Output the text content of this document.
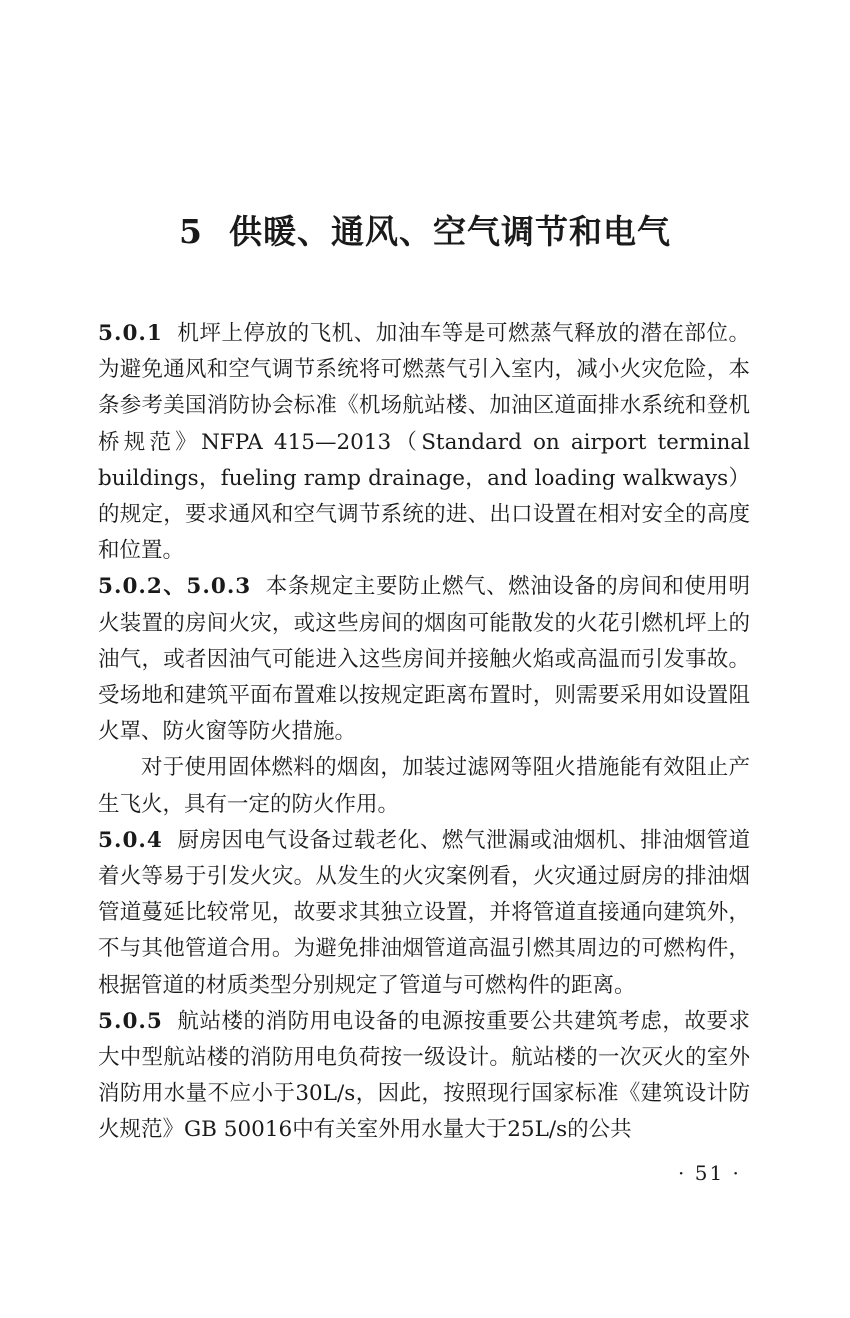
5 供暖、通风、空气调节和电气

5.0.1 机坪上停放的飞机、加油车等是可燃蒸气释放的潜在部位。为避免通风和空气调节系统将可燃蒸气引入室内，减小火灾危险，本条参考美国消防协会标准《机场航站楼、加油区道面排水系统和登机桥规范》NFPA 415—2013（Standard on airport terminal buildings，fueling ramp drainage，and loading walkways）的规定，要求通风和空气调节系统的进、出口设置在相对安全的高度和位置。

5.0.2、5.0.3 本条规定主要防止燃气、燃油设备的房间和使用明火装置的房间火灾，或这些房间的烟囱可能散发的火花引燃机坪上的油气，或者因油气可能进入这些房间并接触火焰或高温而引发事故。受场地和建筑平面布置难以按规定距离布置时，则需要采用如设置阻火罩、防火窗等防火措施。

对于使用固体燃料的烟囱，加装过滤网等阻火措施能有效阻止产生飞火，具有一定的防火作用。

5.0.4 厨房因电气设备过载老化、燃气泄漏或油烟机、排油烟管道着火等易于引发火灾。从发生的火灾案例看，火灾通过厨房的排油烟管道蔓延比较常见，故要求其独立设置，并将管道直接通向建筑外，不与其他管道合用。为避免排油烟管道高温引燃其周边的可燃构件，根据管道的材质类型分别规定了管道与可燃构件的距离。

5.0.5 航站楼的消防用电设备的电源按重要公共建筑考虑，故要求大中型航站楼的消防用电负荷按一级设计。航站楼的一次灭火的室外消防用水量不应小于30L/s，因此，按照现行国家标准《建筑设计防火规范》GB 50016中有关室外用水量大于25L/s的公共

· 51 ·
